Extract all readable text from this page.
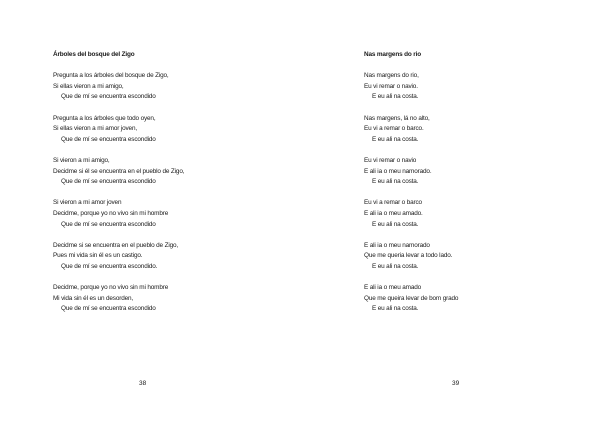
Árboles del bosque del Zigo
Pregunta a los árboles del bosque de Zigo,
Si ellas vieron a mi amigo,
Que de mí se encuentra escondido
Pregunta a los árboles que todo oyen,
Si ellas vieron a mi amor joven,
Que de mí se encuentra escondido
Si vieron a mi amigo,
Decidme si él se encuentra en el pueblo de Zigo,
Que de mí se encuentra escondido
Si vieron a mi amor joven
Decidme, porque yo no vivo sin mi hombre
Que de mí se encuentra escondido
Decidme si se encuentra en el pueblo de Zigo,
Pues mi vida sin él es un castigo.
Que de mí se encuentra escondido.
Decidme, porque yo no vivo sin mi hombre
Mi vida sin él es un desorden,
Que de mí se encuentra escondido
38
Nas margens do rio
Nas margens do rio,
Eu vi remar o navio.
E eu ali na costa.
Nas margens, lá no alto,
Eu vi a remar o barco.
E eu ali na costa.
Eu vi remar o navio
E ali ia o meu namorado.
E eu ali na costa.
Eu vi a remar o barco
E ali ia o meu amado.
E eu ali na costa.
E ali ia o meu namorado
Que me queria levar a todo lado.
E eu ali na costa.
E ali ia o meu amado
Que me queira levar de bom grado
E eu ali na costa.
39
